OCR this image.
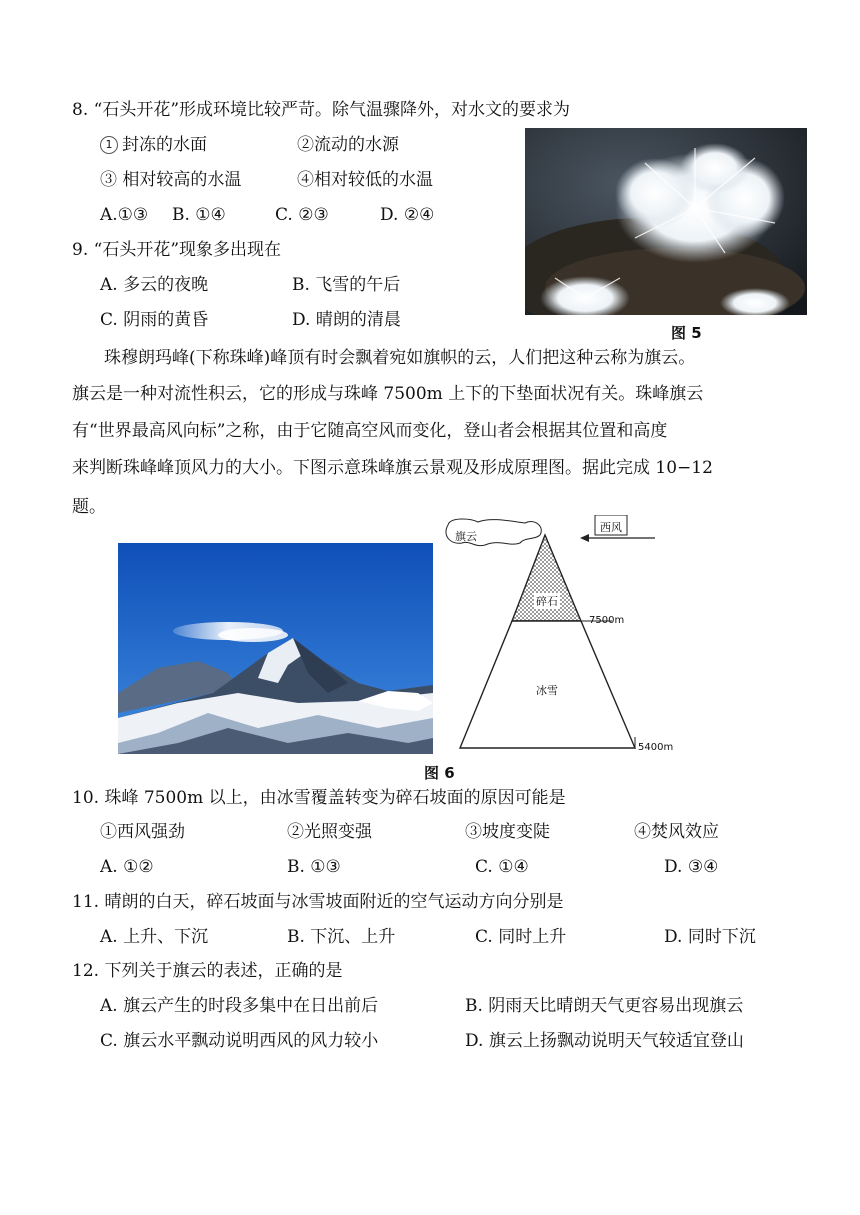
8. “石头开花”形成环境比较严苛。除气温骤降外，对水文的要求为
1 封冻的水面	②流动的水源
③ 相对较高的水温	④相对较低的水温
A.①③ B. ①④	C. ②③	D. ②④
9. “石头开花”现象多出现在
A. 多云的夜晚	B. 飞雪的午后
C. 阴雨的黄昏	D. 晴朗的清晨
图 5
珠穆朗玛峰(下称珠峰)峰顶有时会飘着宛如旗帜的云，人们把这种云称为旗云。
旗云是一种对流性积云，它的形成与珠峰 7500m 上下的下垫面状况有关。珠峰旗云
有“世界最高风向标”之称，由于它随高空风而变化，登山者会根据其位置和高度
来判断珠峰峰顶风力的大小。下图示意珠峰旗云景观及形成原理图。据此完成 10−12
题。
旗云
西风
碎石
7500m
冰雪
5400m
图 6
10. 珠峰 7500m 以上，由冰雪覆盖转变为碎石坡面的原因可能是
①西风强劲	②光照变强	③坡度变陡	④焚风效应
A. ①②	B. ①③	C. ①④	D. ③④
11. 晴朗的白天，碎石坡面与冰雪坡面附近的空气运动方向分别是
A. 上升、下沉	B. 下沉、上升	C. 同时上升	D. 同时下沉
12. 下列关于旗云的表述，正确的是
A. 旗云产生的时段多集中在日出前后	B. 阴雨天比晴朗天气更容易出现旗云
C. 旗云水平飘动说明西风的风力较小	D. 旗云上扬飘动说明天气较适宜登山
